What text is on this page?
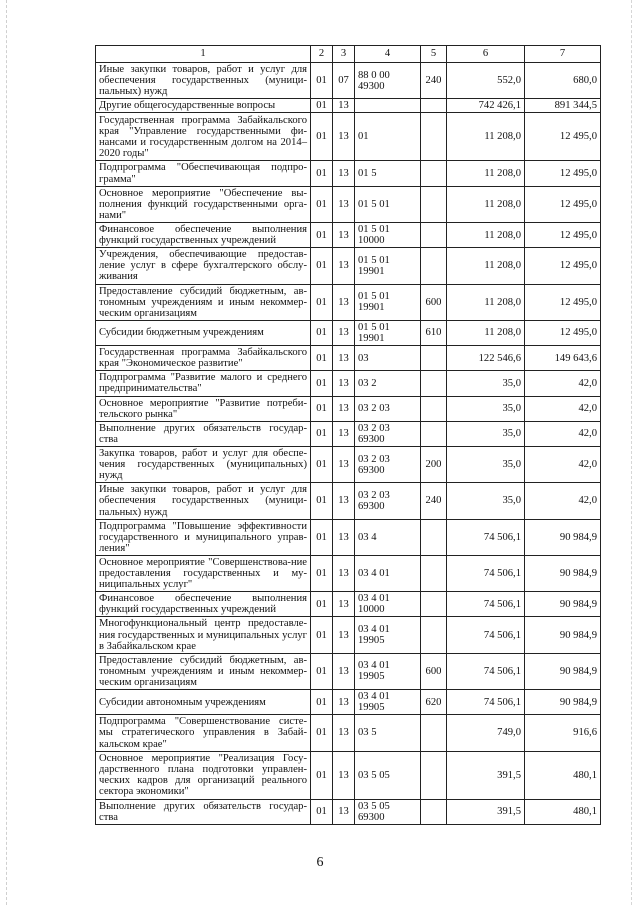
1	2	3	4	5	6	7
Иные закупки товаров, работ и услуг для обеспечения государственных (муници-пальных) нужд	01	07	88 0 00 49300	240	552,0	680,0
Другие общегосударственные вопросы	01	13			742 426,1	891 344,5
Государственная программа Забайкальского края "Управление государственными фи-нансами и государственным долгом на 2014–2020 годы"	01	13	01		11 208,0	12 495,0
Подпрограмма "Обеспечивающая подпро-грамма"	01	13	01 5		11 208,0	12 495,0
Основное мероприятие "Обеспечение вы-полнения функций государственными орга-нами"	01	13	01 5 01		11 208,0	12 495,0
Финансовое обеспечение выполнения функций государственных учреждений	01	13	01 5 01 10000		11 208,0	12 495,0
Учреждения, обеспечивающие предостав-ление услуг в сфере бухгалтерского обслу-живания	01	13	01 5 01 19901		11 208,0	12 495,0
Предоставление субсидий бюджетным, ав-тономным учреждениям и иным некоммер-ческим организациям	01	13	01 5 01 19901	600	11 208,0	12 495,0
Субсидии бюджетным учреждениям	01	13	01 5 01 19901	610	11 208,0	12 495,0
Государственная программа Забайкальского края "Экономическое развитие"	01	13	03		122 546,6	149 643,6
Подпрограмма "Развитие малого и среднего предпринимательства"	01	13	03 2		35,0	42,0
Основное мероприятие "Развитие потреби-тельского рынка"	01	13	03 2 03		35,0	42,0
Выполнение других обязательств государ-ства	01	13	03 2 03 69300		35,0	42,0
Закупка товаров, работ и услуг для обеспе-чения государственных (муниципальных) нужд	01	13	03 2 03 69300	200	35,0	42,0
Иные закупки товаров, работ и услуг для обеспечения государственных (муници-пальных) нужд	01	13	03 2 03 69300	240	35,0	42,0
Подпрограмма "Повышение эффективности государственного и муниципального управ-ления"	01	13	03 4		74 506,1	90 984,9
Основное мероприятие "Совершенствова-ние предоставления государственных и му-ниципальных услуг"	01	13	03 4 01		74 506,1	90 984,9
Финансовое обеспечение выполнения функций государственных учреждений	01	13	03 4 01 10000		74 506,1	90 984,9
Многофункциональный центр предоставле-ния государственных и муниципальных услуг в Забайкальском крае	01	13	03 4 01 19905		74 506,1	90 984,9
Предоставление субсидий бюджетным, ав-тономным учреждениям и иным некоммер-ческим организациям	01	13	03 4 01 19905	600	74 506,1	90 984,9
Субсидии автономным учреждениям	01	13	03 4 01 19905	620	74 506,1	90 984,9
Подпрограмма "Совершенствование систе-мы стратегического управления в Забай-кальском крае"	01	13	03 5		749,0	916,6
Основное мероприятие "Реализация Госу-дарственного плана подготовки управлен-ческих кадров для организаций реального сектора экономики"	01	13	03 5 05		391,5	480,1
Выполнение других обязательств государ-ства	01	13	03 5 05 69300		391,5	480,1
6
